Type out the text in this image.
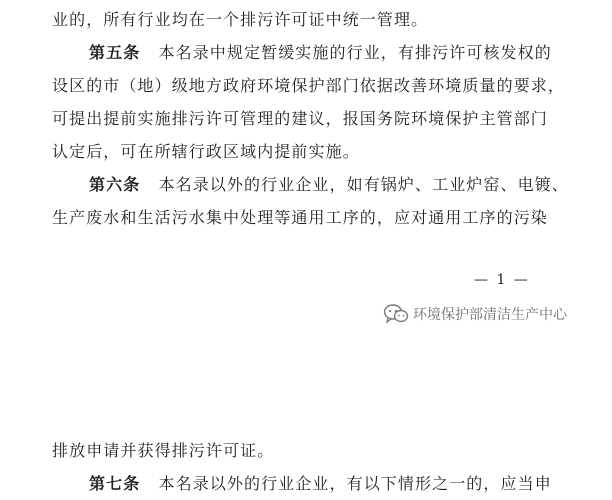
业的，所有行业均在一个排污许可证中统一管理。
第五条 本名录中规定暂缓实施的行业，有排污许可核发权的
设区的市（地）级地方政府环境保护部门依据改善环境质量的要求，
可提出提前实施排污许可管理的建议，报国务院环境保护主管部门
认定后，可在所辖行政区域内提前实施。
第六条 本名录以外的行业企业，如有锅炉、工业炉窑、电镀、
生产废水和生活污水集中处理等通用工序的，应对通用工序的污染
— 1 —
环境保护部清洁生产中心
排放申请并获得排污许可证。
第七条 本名录以外的行业企业，有以下情形之一的，应当申
